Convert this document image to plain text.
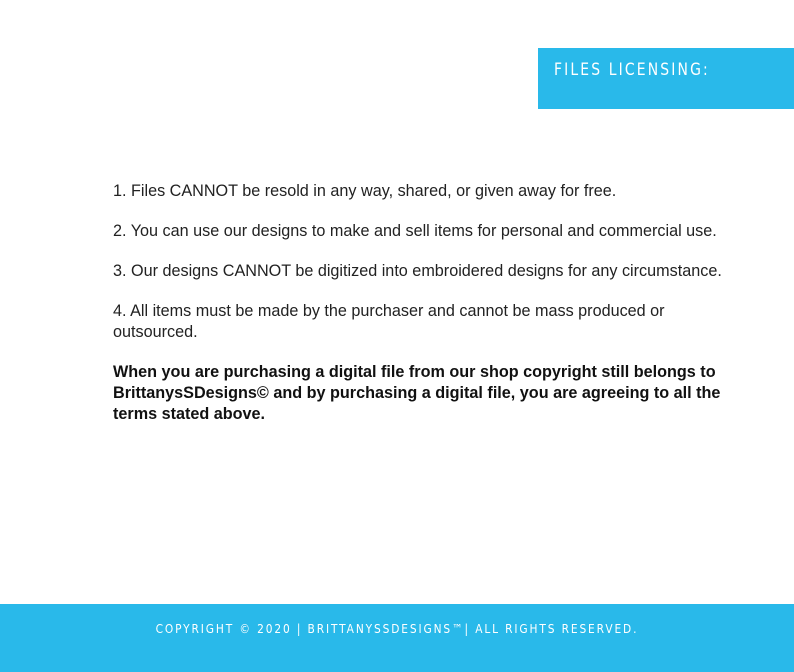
FILES LICENSING:

1. Files CANNOT be resold in any way, shared, or given away for free.

2. You can use our designs to make and sell items for personal and commercial use.

3. Our designs CANNOT be digitized into embroidered designs for any circumstance.

4. All items must be made by the purchaser and cannot be mass produced or outsourced.

When you are purchasing a digital file from our shop copyright still belongs to BrittanysSDesigns© and by purchasing a digital file, you are agreeing to all the terms stated above.

COPYRIGHT © 2020 | BRITTANYSSDESIGNS™| ALL RIGHTS RESERVED.
